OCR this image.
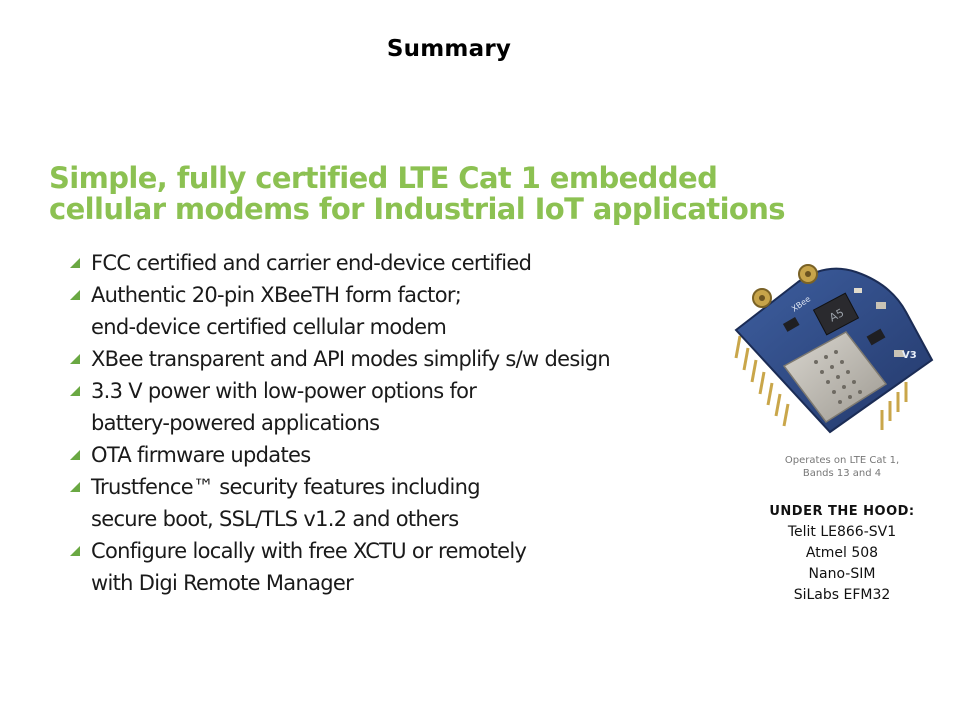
Summary
Simple, fully certified LTE Cat 1 embedded
cellular modems for Industrial IoT applications
FCC certified and carrier end-device certified
Authentic 20-pin XBeeTH form factor;
end-device certified cellular modem
XBee transparent and API modes simplify s/w design
3.3 V power with low-power options for
battery-powered applications
OTA firmware updates
Trustfence™ security features including
secure boot, SSL/TLS v1.2 and others
Configure locally with free XCTU or remotely
with Digi Remote Manager
MSRF
A5
XBee
V3
Operates on LTE Cat 1,
Bands 13 and 4
UNDER THE HOOD:
Telit LE866-SV1
Atmel 508
Nano-SIM
SiLabs EFM32
